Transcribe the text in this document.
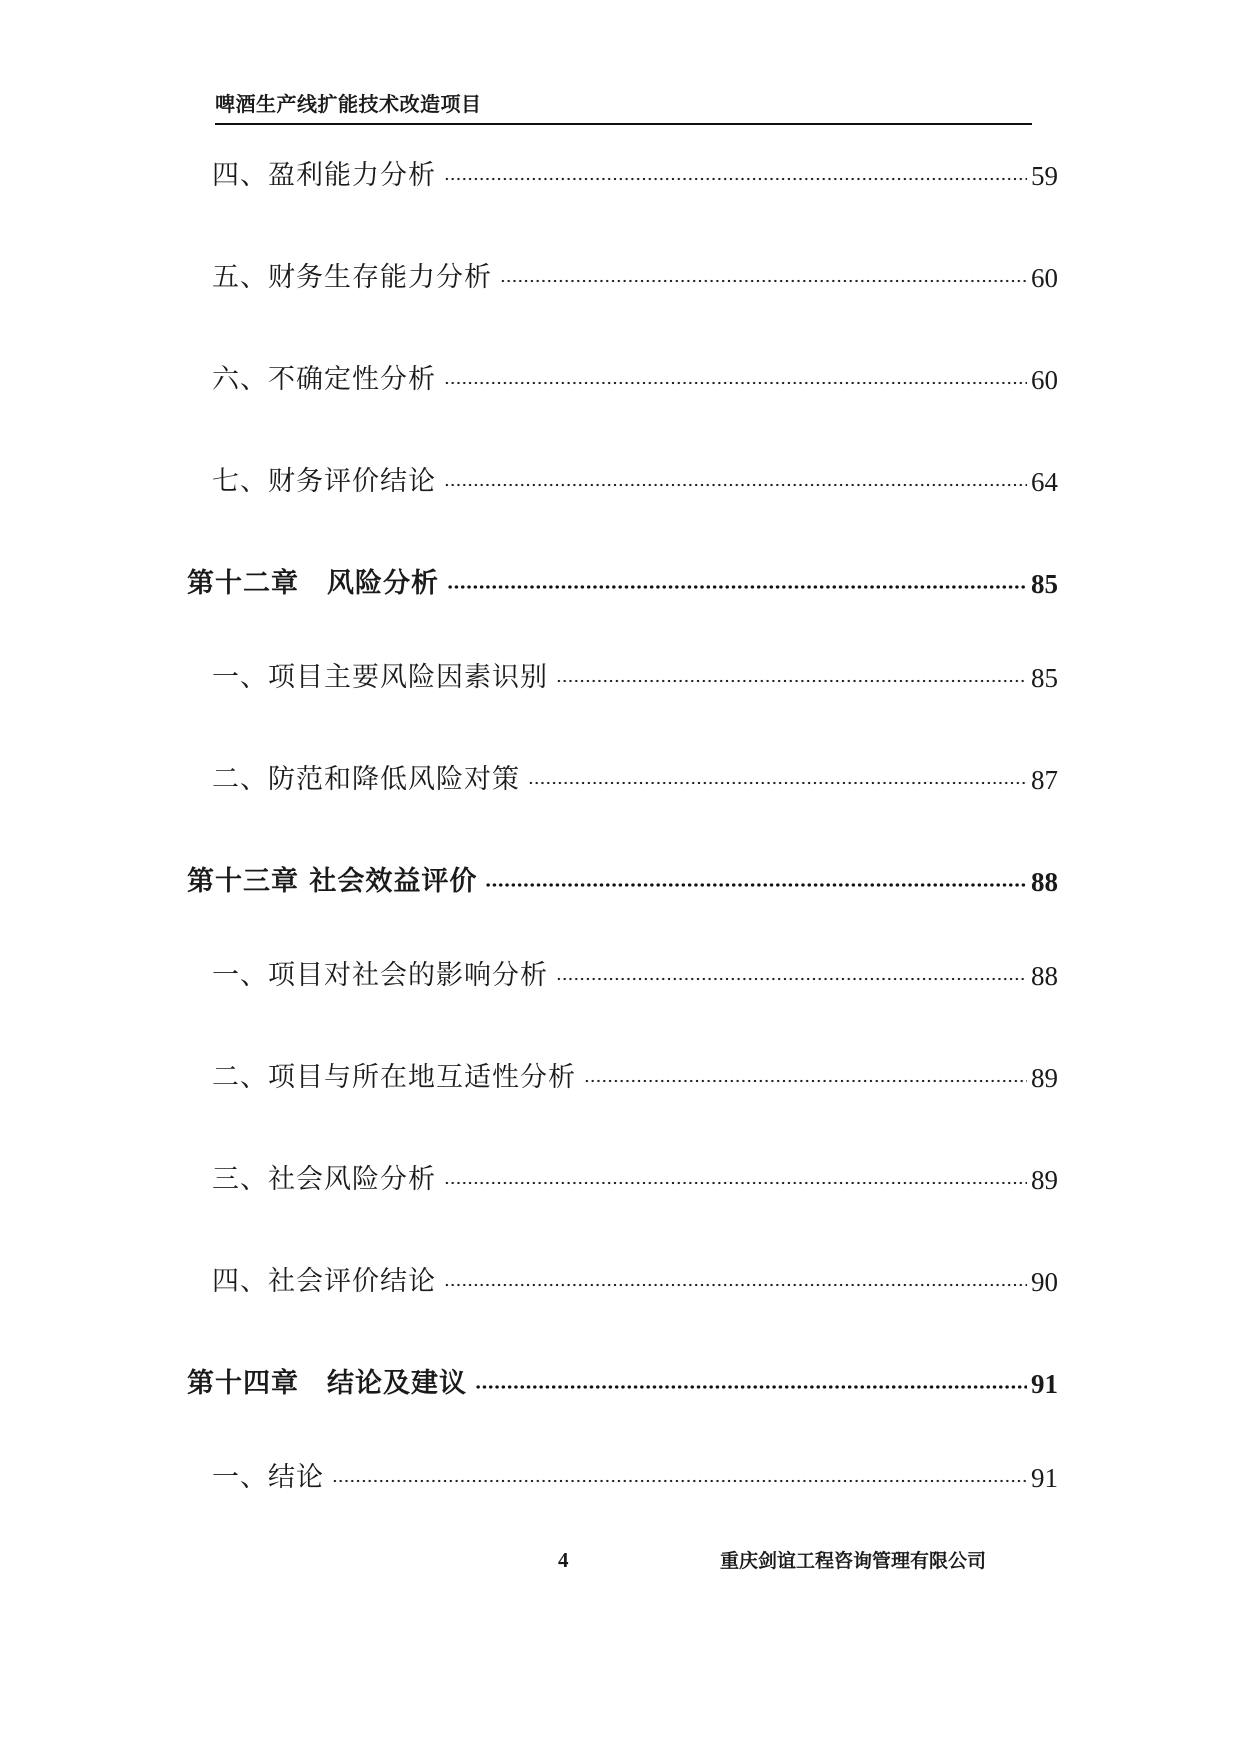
啤酒生产线扩能技术改造项目
四、盈利能力分析	59
五、财务生存能力分析	60
六、不确定性分析	60
七、财务评价结论	64
第十二章　风险分析	85
一、项目主要风险因素识别	85
二、防范和降低风险对策	87
第十三章 社会效益评价	88
一、项目对社会的影响分析	88
二、项目与所在地互适性分析	89
三、社会风险分析	89
四、社会评价结论	90
第十四章　结论及建议	91
一、结论	91
4	重庆剑谊工程咨询管理有限公司
